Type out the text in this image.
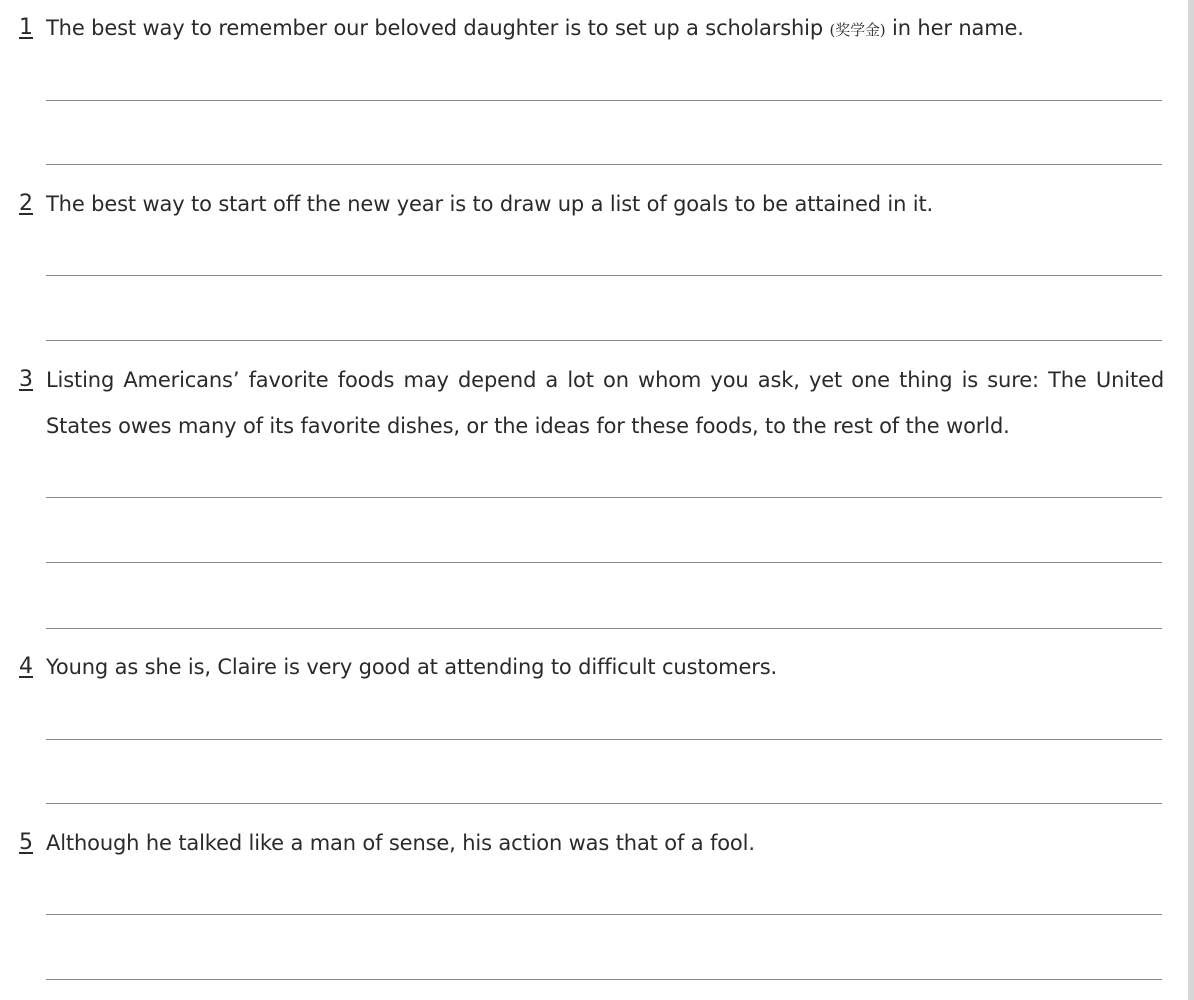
1 The best way to remember our beloved daughter is to set up a scholarship (奖学金) in her name.
2 The best way to start off the new year is to draw up a list of goals to be attained in it.
3 Listing Americans’ favorite foods may depend a lot on whom you ask, yet one thing is sure: The United States owes many of its favorite dishes, or the ideas for these foods, to the rest of the world.
4 Young as she is, Claire is very good at attending to difficult customers.
5 Although he talked like a man of sense, his action was that of a fool.
